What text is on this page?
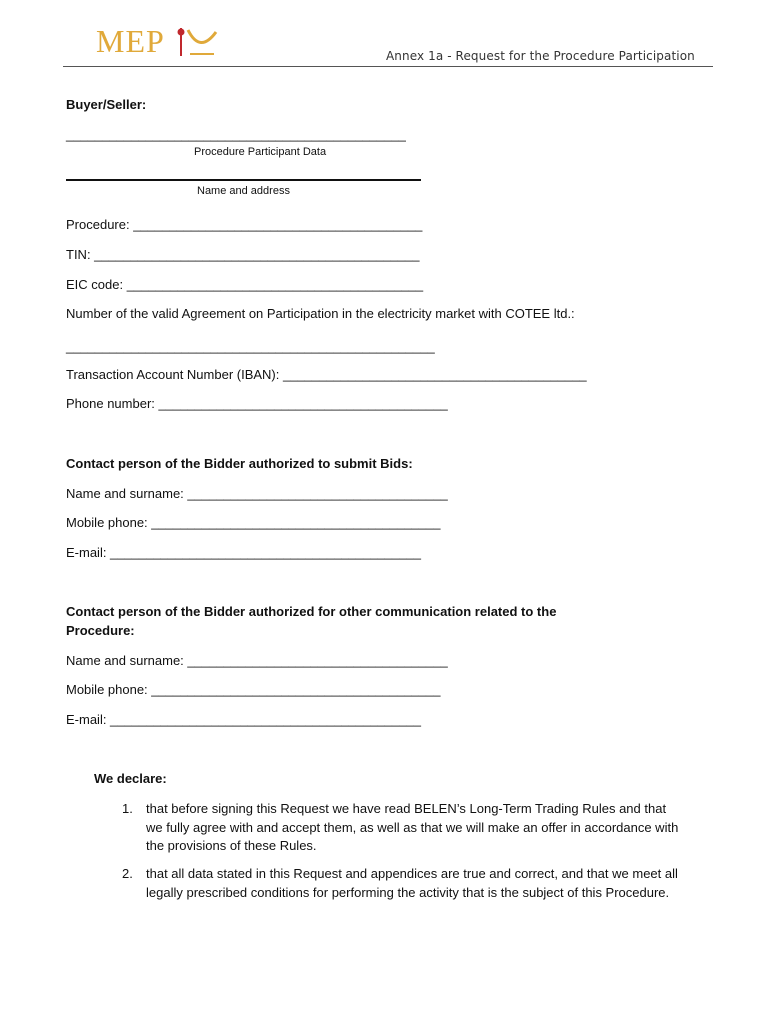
MEP	Annex 1a - Request for the Procedure Participation
Buyer/Seller:
_______________________________________________
Procedure Participant Data
Name and address
Procedure: ________________________________________
TIN: _____________________________________________
EIC code: _________________________________________
Number of the valid Agreement on Participation in the electricity market with COTEE ltd.:
___________________________________________________
Transaction Account Number (IBAN): __________________________________________
Phone number: ________________________________________
Contact person of the Bidder authorized to submit Bids:
Name and surname: ____________________________________
Mobile phone: ________________________________________
E-mail: ___________________________________________
Contact person of the Bidder authorized for other communication related to the
Procedure:
Name and surname: ____________________________________
Mobile phone: ________________________________________
E-mail: ___________________________________________
We declare:
1. that before signing this Request we have read BELEN’s Long-Term Trading Rules and that we fully agree with and accept them, as well as that we will make an offer in accordance with the provisions of these Rules.
2. that all data stated in this Request and appendices are true and correct, and that we meet all legally prescribed conditions for performing the activity that is the subject of this Procedure.
